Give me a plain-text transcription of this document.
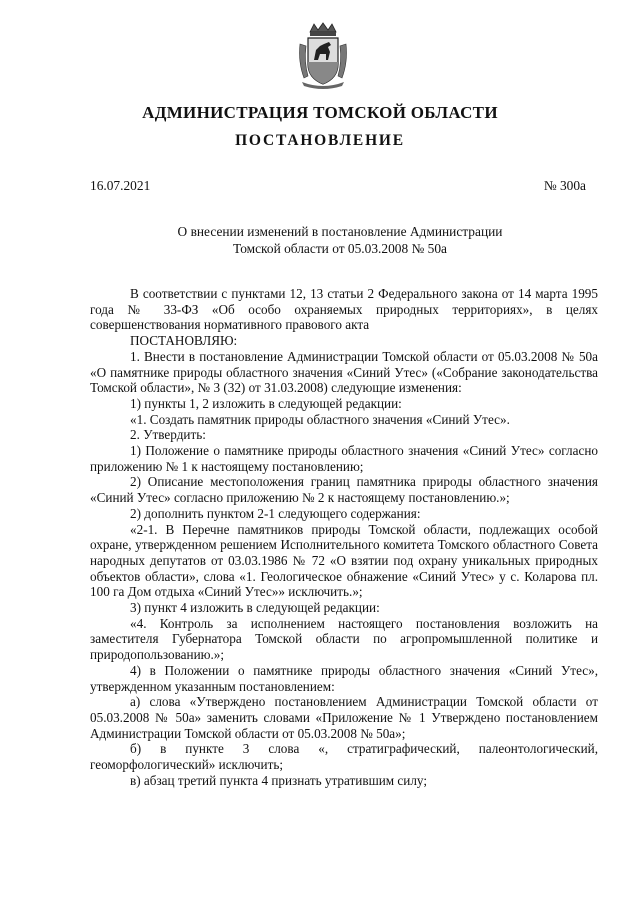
АДМИНИСТРАЦИЯ ТОМСКОЙ ОБЛАСТИ
ПОСТАНОВЛЕНИЕ
16.07.2021	№ 300а
О внесении изменений в постановление Администрации
Томской области от 05.03.2008 № 50а

В соответствии с пунктами 12, 13 статьи 2 Федерального закона от 14 марта 1995 года № 33-ФЗ «Об особо охраняемых природных территориях», в целях совершенствования нормативного правового акта

ПОСТАНОВЛЯЮ:

1. Внести в постановление Администрации Томской области от 05.03.2008 № 50а «О памятнике природы областного значения «Синий Утес» («Собрание законодательства Томской области», № 3 (32) от 31.03.2008) следующие изменения:

1) пункты 1, 2 изложить в следующей редакции:

«1. Создать памятник природы областного значения «Синий Утес».

2. Утвердить:

1) Положение о памятнике природы областного значения «Синий Утес» согласно приложению № 1 к настоящему постановлению;

2) Описание местоположения границ памятника природы областного значения «Синий Утес» согласно приложению № 2 к настоящему постановлению.»;

2) дополнить пунктом 2-1 следующего содержания:

«2-1. В Перечне памятников природы Томской области, подлежащих особой охране, утвержденном решением Исполнительного комитета Томского областного Совета народных депутатов от 03.03.1986 № 72 «О взятии под охрану уникальных природных объектов области», слова «1. Геологическое обнажение «Синий Утес» у с. Коларова пл. 100 га Дом отдыха «Синий Утес»» исключить.»;

3) пункт 4 изложить в следующей редакции:

«4. Контроль за исполнением настоящего постановления возложить на заместителя Губернатора Томской области по агропромышленной политике и природопользованию.»;

4) в Положении о памятнике природы областного значения «Синий Утес», утвержденном указанным постановлением:

а) слова «Утверждено постановлением Администрации Томской области от 05.03.2008 № 50а» заменить словами «Приложение № 1 Утверждено постановлением Администрации Томской области от 05.03.2008 № 50а»;

б) в пункте 3 слова «, стратиграфический, палеонтологический, геоморфологический» исключить;

в) абзац третий пункта 4 признать утратившим силу;
